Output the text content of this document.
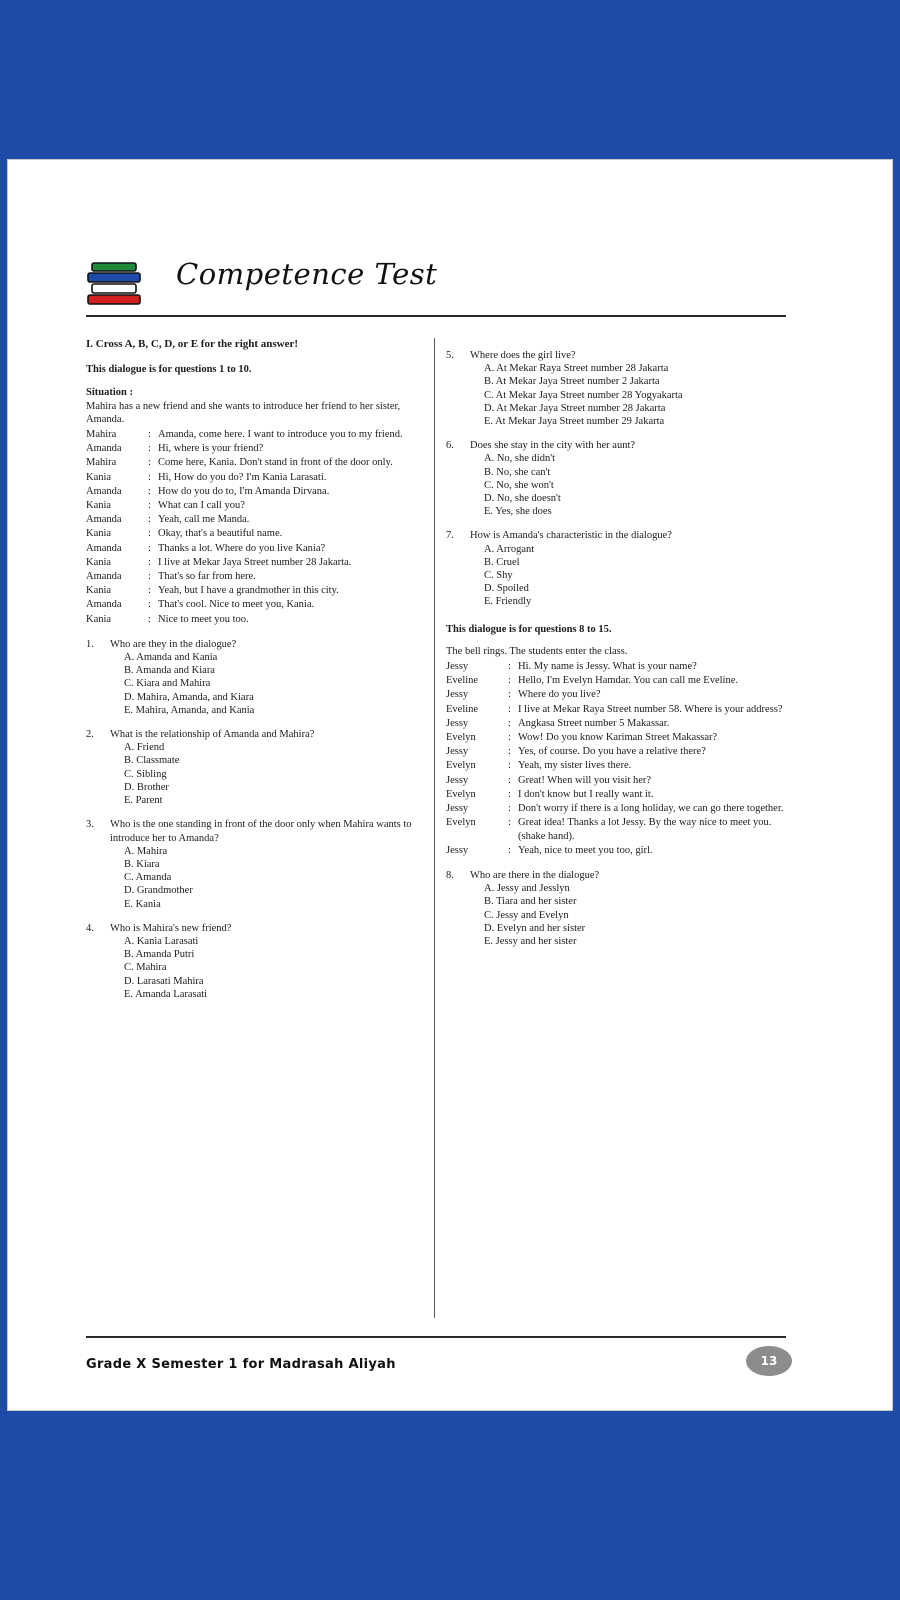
Competence Test
I. Cross A, B, C, D, or E for the right answer!
This dialogue is for questions 1 to 10.
Situation :
Mahira has a new friend and she wants to introduce her friend to her sister, Amanda.
Mahira	:	Amanda, come here. I want to introduce you to my friend.
Amanda	:	Hi, where is your friend?
Mahira	:	Come here, Kania. Don't stand in front of the door only.
Kania	:	Hi, How do you do? I'm Kania Larasati.
Amanda	:	How do you do to, I'm Amanda Dirvana.
Kania	:	What can I call you?
Amanda	:	Yeah, call me Manda.
Kania	:	Okay, that's a beautiful name.
Amanda	:	Thanks a lot. Where do you live Kania?
Kania	:	I live at Mekar Jaya Street number 28 Jakarta.
Amanda	:	That's so far from here.
Kania	:	Yeah, but I have a grandmother in this city.
Amanda	:	That's cool. Nice to meet you, Kania.
Kania	:	Nice to meet you too.
1.	Who are they in the dialogue?
A. Amanda and Kania
B. Amanda and Kiara
C. Kiara and Mahira
D. Mahira, Amanda, and Kiara
E. Mahira, Amanda, and Kania
2.	What is the relationship of Amanda and Mahira?
A. Friend
B. Classmate
C. Sibling
D. Brother
E. Parent
3.	Who is the one standing in front of the door only when Mahira wants to introduce her to Amanda?
A. Mahira
B. Kiara
C. Amanda
D. Grandmother
E. Kania
4.	Who is Mahira's new friend?
A. Kania Larasati
B. Amanda Putri
C. Mahira
D. Larasati Mahira
E. Amanda Larasati
5.	Where does the girl live?
A. At Mekar Raya Street number 28 Jakarta
B. At Mekar Jaya Street number 2 Jakarta
C. At Mekar Jaya Street number 28 Yogyakarta
D. At Mekar Jaya Street number 28 Jakarta
E. At Mekar Jaya Street number 29 Jakarta
6.	Does she stay in the city with her aunt?
A. No, she didn't
B. No, she can't
C. No, she won't
D. No, she doesn't
E. Yes, she does
7.	How is Amanda's characteristic in the dialogue?
A. Arrogant
B. Cruel
C. Shy
D. Spoiled
E. Friendly
This dialogue is for questions 8 to 15.
The bell rings. The students enter the class.
Jessy	:	Hi. My name is Jessy. What is your name?
Eveline	:	Hello, I'm Evelyn Hamdar. You can call me Eveline.
Jessy	:	Where do you live?
Eveline	:	I live at Mekar Raya Street number 58. Where is your address?
Jessy	:	Angkasa Street number 5 Makassar.
Evelyn	:	Wow! Do you know Kariman Street Makassar?
Jessy	:	Yes, of course. Do you have a relative there?
Evelyn	:	Yeah, my sister lives there.
Jessy	:	Great! When will you visit her?
Evelyn	:	I don't know but I really want it.
Jessy	:	Don't worry if there is a long holiday, we can go there together.
Evelyn	:	Great idea! Thanks a lot Jessy. By the way nice to meet you. (shake hand).
Jessy	:	Yeah, nice to meet you too, girl.
8.	Who are there in the dialogue?
A. Jessy and Jesslyn
B. Tiara and her sister
C. Jessy and Evelyn
D. Evelyn and her sister
E. Jessy and her sister
Grade X Semester 1 for Madrasah Aliyah	13
